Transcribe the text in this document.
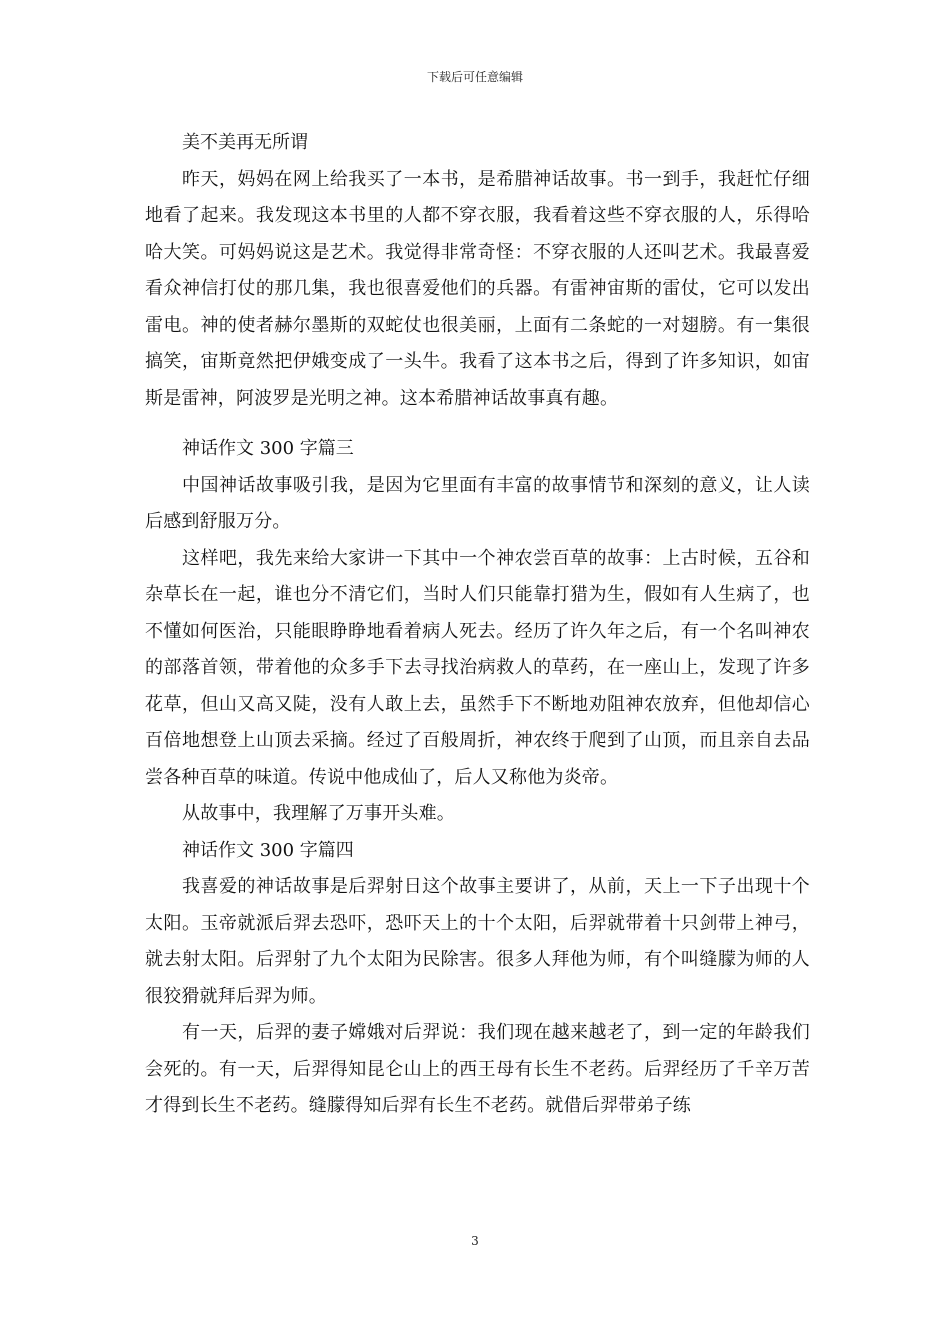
下载后可任意编辑

美不美再无所谓

昨天，妈妈在网上给我买了一本书，是希腊神话故事。书一到手，我赶忙仔细地看了起来。我发现这本书里的人都不穿衣服，我看着这些不穿衣服的人，乐得哈哈大笑。可妈妈说这是艺术。我觉得非常奇怪：不穿衣服的人还叫艺术。我最喜爱看众神信打仗的那几集，我也很喜爱他们的兵器。有雷神宙斯的雷仗，它可以发出雷电。神的使者赫尔墨斯的双蛇仗也很美丽，上面有二条蛇的一对翅膀。有一集很搞笑，宙斯竟然把伊娥变成了一头牛。我看了这本书之后，得到了许多知识，如宙斯是雷神，阿波罗是光明之神。这本希腊神话故事真有趣。

神话作文 300 字篇三

中国神话故事吸引我，是因为它里面有丰富的故事情节和深刻的意义，让人读后感到舒服万分。

这样吧，我先来给大家讲一下其中一个神农尝百草的故事：上古时候，五谷和杂草长在一起，谁也分不清它们，当时人们只能靠打猎为生，假如有人生病了，也不懂如何医治，只能眼睁睁地看着病人死去。经历了许久年之后，有一个名叫神农的部落首领，带着他的众多手下去寻找治病救人的草药，在一座山上，发现了许多花草，但山又高又陡，没有人敢上去，虽然手下不断地劝阻神农放弃，但他却信心百倍地想登上山顶去采摘。经过了百般周折，神农终于爬到了山顶，而且亲自去品尝各种百草的味道。传说中他成仙了，后人又称他为炎帝。

从故事中，我理解了万事开头难。

神话作文 300 字篇四

我喜爱的神话故事是后羿射日这个故事主要讲了，从前，天上一下子出现十个太阳。玉帝就派后羿去恐吓，恐吓天上的十个太阳，后羿就带着十只剑带上神弓，就去射太阳。后羿射了九个太阳为民除害。很多人拜他为师，有个叫缝朦为师的人很狡猾就拜后羿为师。

有一天，后羿的妻子嫦娥对后羿说：我们现在越来越老了，到一定的年龄我们会死的。有一天，后羿得知昆仑山上的西王母有长生不老药。后羿经历了千辛万苦才得到长生不老药。缝朦得知后羿有长生不老药。就借后羿带弟子练

3
